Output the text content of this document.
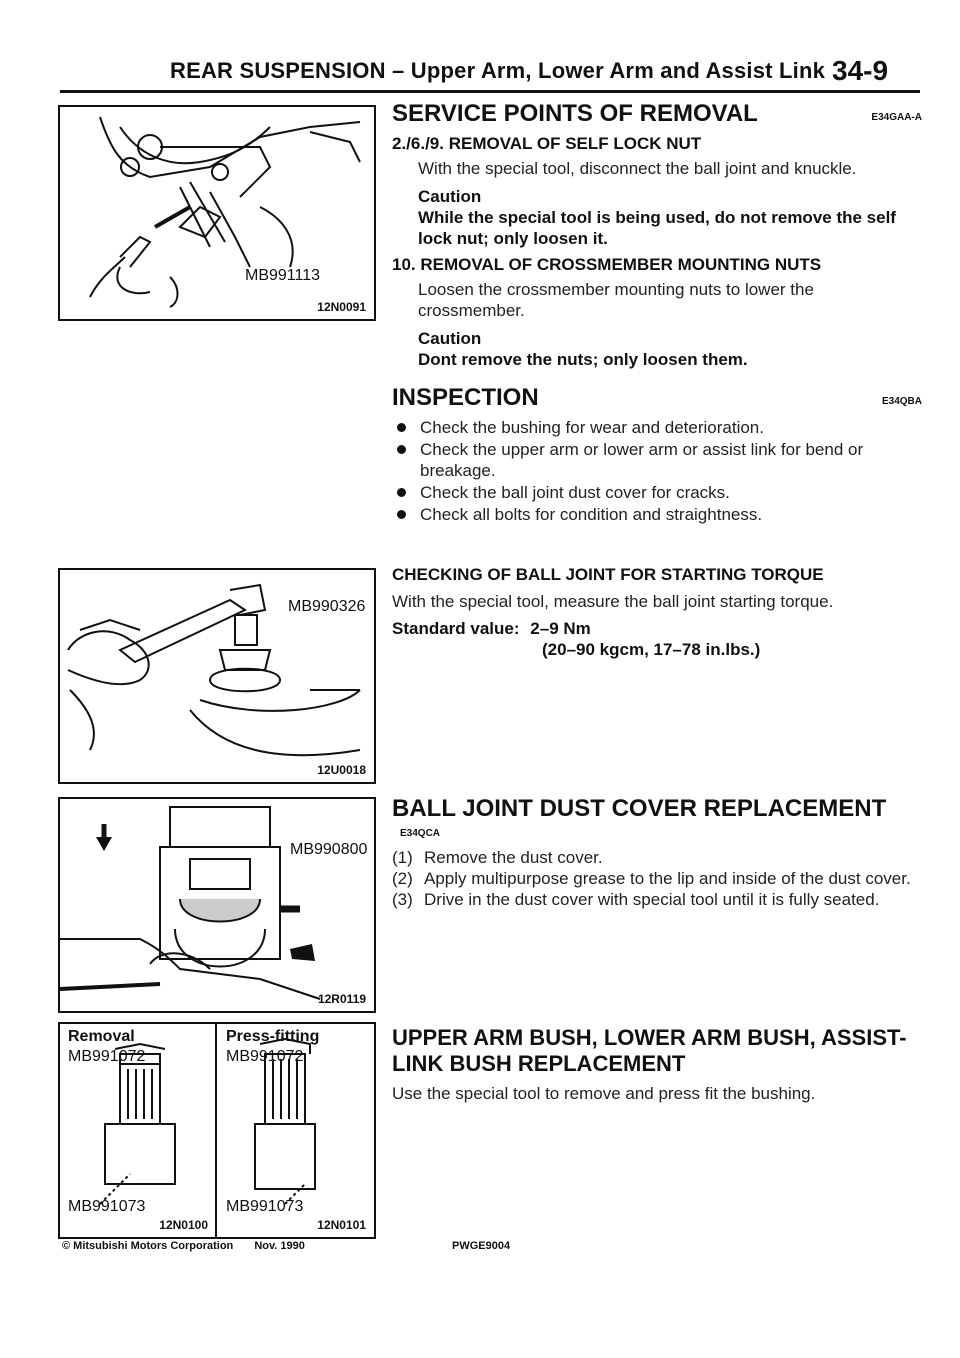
REAR SUSPENSION – Upper Arm, Lower Arm and Assist Link 34-9
MB991113
12N0091
SERVICE POINTS OF REMOVAL	E34GAA-A
2./6./9. REMOVAL OF SELF LOCK NUT
With the special tool, disconnect the ball joint and knuckle.
Caution
While the special tool is being used, do not remove the self lock nut; only loosen it.
10. REMOVAL OF CROSSMEMBER MOUNTING NUTS
Loosen the crossmember mounting nuts to lower the crossmember.
Caution
Dont remove the nuts; only loosen them.
INSPECTION	E34QBA
Check the bushing for wear and deterioration.
Check the upper arm or lower arm or assist link for bend or breakage.
Check the ball joint dust cover for cracks.
Check all bolts for condition and straightness.
MB990326
12U0018
CHECKING OF BALL JOINT FOR STARTING TORQUE
With the special tool, measure the ball joint starting torque.
Standard value: 2–9 Nm
(20–90 kgcm, 17–78 in.lbs.)
MB990800
12R0119
BALL JOINT DUST COVER REPLACEMENT E34QCA
(1) Remove the dust cover.
(2) Apply multipurpose grease to the lip and inside of the dust cover.
(3) Drive in the dust cover with special tool until it is fully seated.
Removal	Press-fitting
MB991072	MB991072
MB991073	MB991073
12N0100	12N0101
UPPER ARM BUSH, LOWER ARM BUSH, ASSIST-
LINK BUSH REPLACEMENT
Use the special tool to remove and press fit the bushing.
© Mitsubishi Motors Corporation Nov. 1990	PWGE9004
